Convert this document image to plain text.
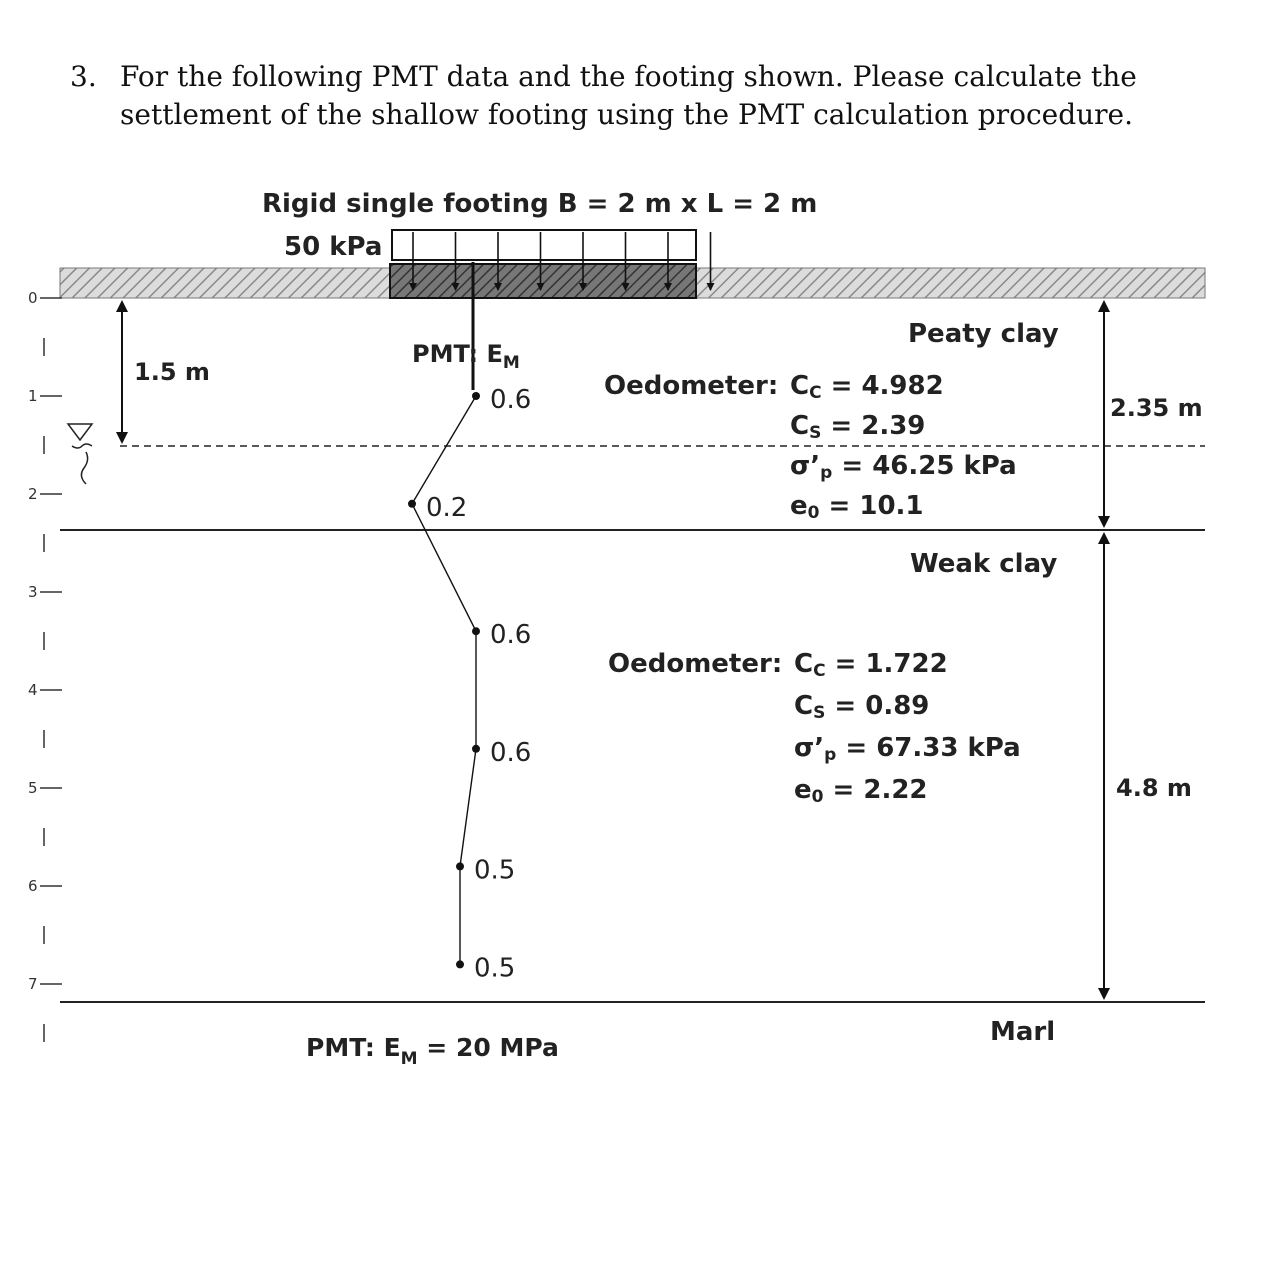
3. For the following PMT data and the footing shown. Please calculate the settlement of the shallow footing using the PMT calculation procedure.
Rigid single footing B = 2 m x L = 2 m
50 kPa
0
1
2
3
4
5
6
7
1.5 m
2.35 m
4.8 m
PMT: $E_M$
0.6
0.2
0.6
0.6
0.5
0.5
Peaty clay
Oedometer: CC = 4.982
CS = 2.39
σ’p = 46.25 kPa
e0 = 10.1
Weak clay
Oedometer: CC = 1.722
CS = 0.89
σ’p = 67.33 kPa
e0 = 2.22
Marl
PMT: $E_M = 20$ MPa
